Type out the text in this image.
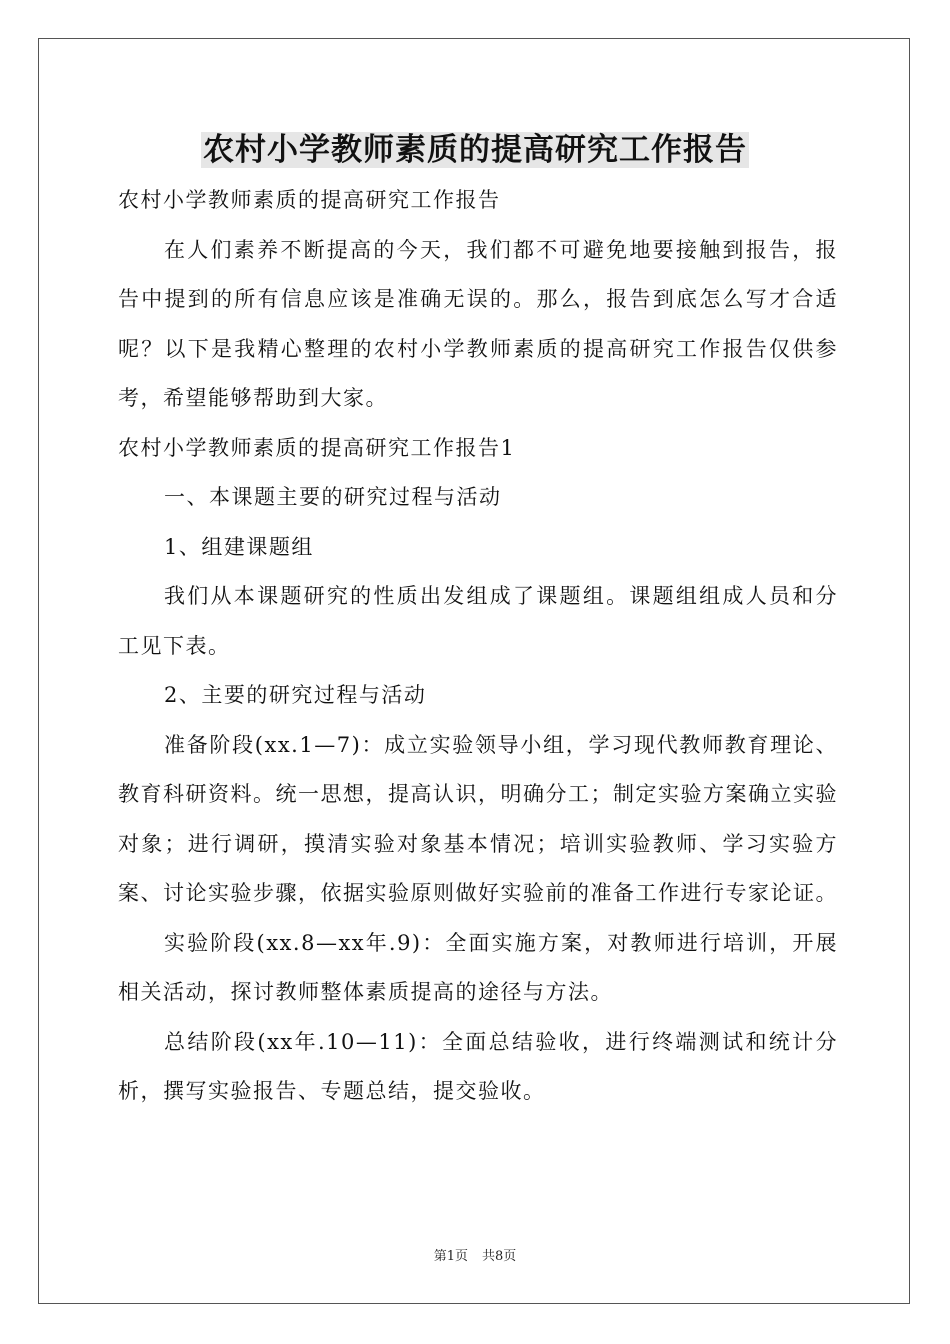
农村小学教师素质的提高研究工作报告

农村小学教师素质的提高研究工作报告

在人们素养不断提高的今天，我们都不可避免地要接触到报告，报告中提到的所有信息应该是准确无误的。那么，报告到底怎么写才合适呢？以下是我精心整理的农村小学教师素质的提高研究工作报告仅供参考，希望能够帮助到大家。

农村小学教师素质的提高研究工作报告1

一、本课题主要的研究过程与活动

1、组建课题组

我们从本课题研究的性质出发组成了课题组。课题组组成人员和分工见下表。

2、主要的研究过程与活动

准备阶段(xx.1—7)：成立实验领导小组，学习现代教师教育理论、教育科研资料。统一思想，提高认识，明确分工；制定实验方案确立实验对象；进行调研，摸清实验对象基本情况；培训实验教师、学习实验方案、讨论实验步骤，依据实验原则做好实验前的准备工作进行专家论证。

实验阶段(xx.8—xx年.9)：全面实施方案，对教师进行培训，开展相关活动，探讨教师整体素质提高的途径与方法。

总结阶段(xx年.10—11)：全面总结验收，进行终端测试和统计分析，撰写实验报告、专题总结，提交验收。

第1页 共8页
